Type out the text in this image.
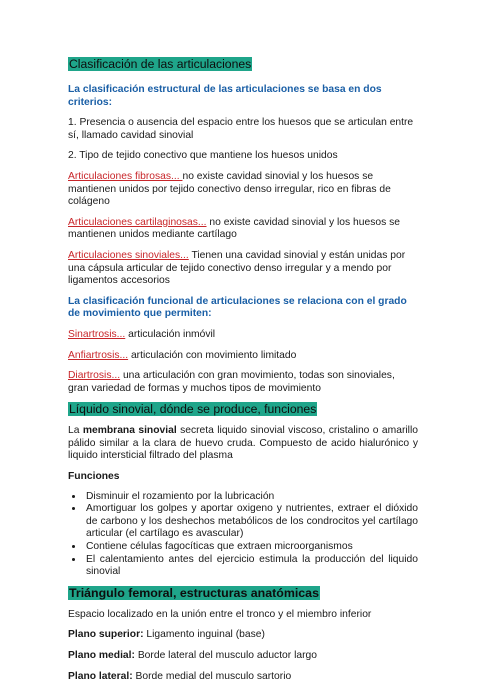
Clasificación de las articulaciones

La clasificación estructural de las articulaciones se basa en dos criterios:

1. Presencia o ausencia del espacio entre los huesos que se articulan entre sí, llamado cavidad sinovial

2. Tipo de tejido conectivo que mantiene los huesos unidos

Articulaciones fibrosas... no existe cavidad sinovial y los huesos se mantienen unidos por tejido conectivo denso irregular, rico en fibras de colágeno

Articulaciones cartilaginosas... no existe cavidad sinovial y los huesos se mantienen unidos mediante cartílago

Articulaciones sinoviales... Tienen una cavidad sinovial y están unidas por una cápsula articular de tejido conectivo denso irregular y a mendo por ligamentos accesorios

La clasificación funcional de articulaciones se relaciona con el grado de movimiento que permiten:

Sinartrosis... articulación inmóvil

Anfiartrosis... articulación con movimiento limitado

Diartrosis... una articulación con gran movimiento, todas son sinoviales, gran variedad de formas y muchos tipos de movimiento

Líquido sinovial, dónde se produce, funciones

La membrana sinovial secreta liquido sinovial viscoso, cristalino o amarillo pálido similar a la clara de huevo cruda. Compuesto de acido hialurónico y liquido intersticial filtrado del plasma

Funciones

• Disminuir el rozamiento por la lubricación
• Amortiguar los golpes y aportar oxigeno y nutrientes, extraer el dióxido de carbono y los deshechos metabólicos de los condrocitos yel cartílago articular (el cartílago es avascular)
• Contiene células fagocíticas que extraen microorganismos
• El calentamiento antes del ejercicio estimula la producción del liquido sinovial
Triángulo femoral, estructuras anatómicas

Espacio localizado en la unión entre el tronco y el miembro inferior

Plano superior: Ligamento inguinal (base)

Plano medial: Borde lateral del musculo aductor largo

Plano lateral: Borde medial del musculo sartorio
